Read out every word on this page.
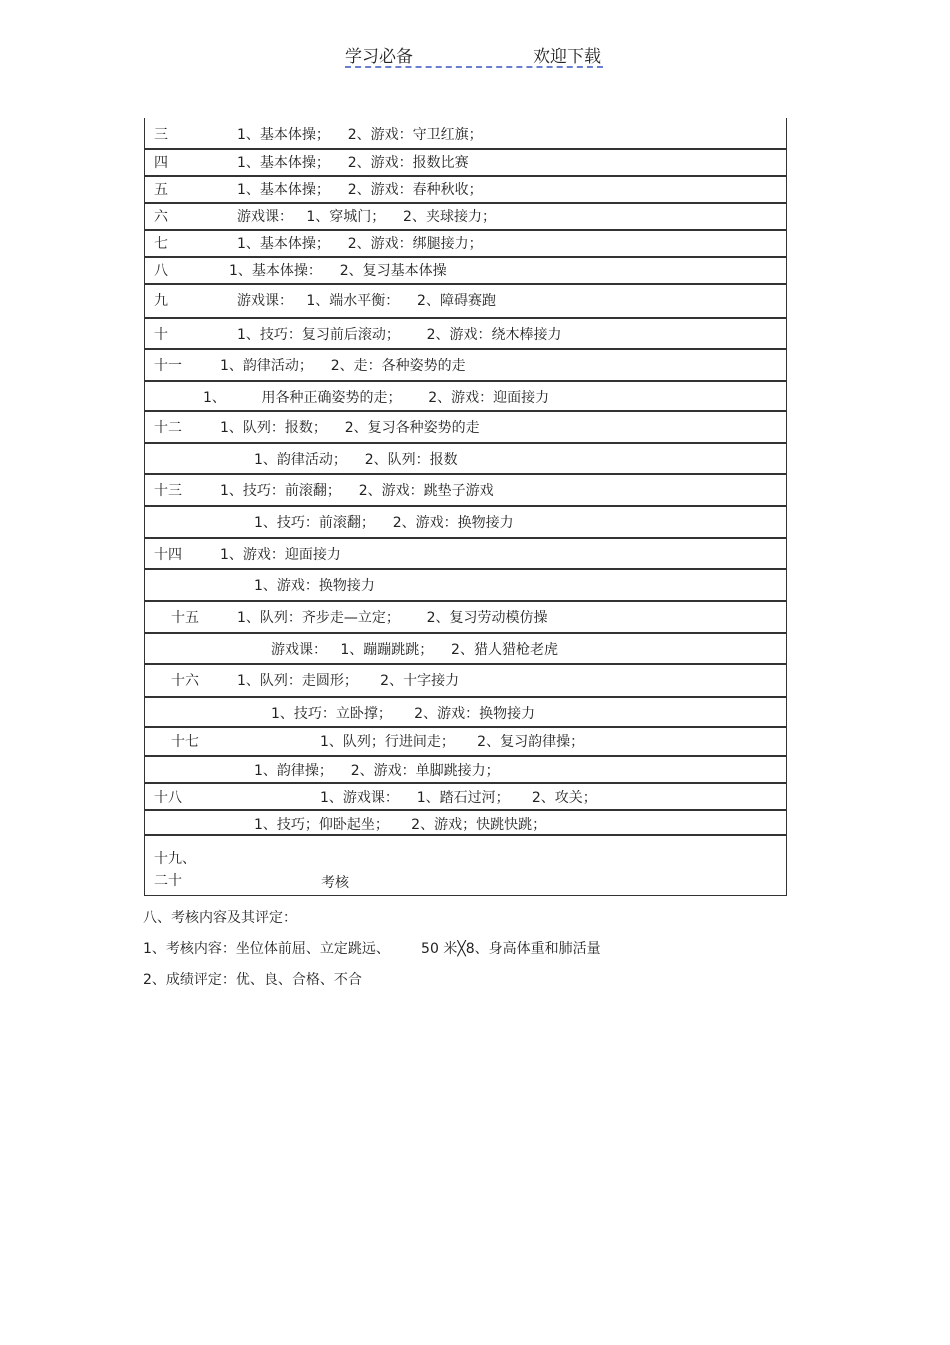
学习必备	欢迎下载
三	1、基本体操；    2、游戏：守卫红旗；
四	1、基本体操；    2、游戏：报数比赛
五	1、基本体操；    2、游戏：春种秋收；
六	游戏课：   1、穿城门；    2、夹球接力；
七	1、基本体操；    2、游戏：绑腿接力；
八	1、基本体操：    2、复习基本体操
九	游戏课：   1、端水平衡：    2、障碍赛跑
十	1、技巧：复习前后滚动；      2、游戏：绕木棒接力
十一	1、韵律活动；    2、走：各种姿势的走
1、        用各种正确姿势的走；      2、游戏：迎面接力
十二	1、队列：报数；    2、复习各种姿势的走
1、韵律活动；    2、队列：报数
十三	1、技巧：前滚翻；    2、游戏：跳垫子游戏
1、技巧：前滚翻；    2、游戏：换物接力
十四	1、游戏：迎面接力
1、游戏：换物接力
十五	1、队列：齐步走—立定；      2、复习劳动模仿操
游戏课：   1、蹦蹦跳跳；    2、猎人猎枪老虎
十六	1、队列：走圆形；     2、十字接力
1、技巧：立卧撑；     2、游戏：换物接力
十七	1、队列；行进间走；     2、复习韵律操；
1、韵律操；    2、游戏：单脚跳接力；
十八	1、游戏课：    1、踏石过河；     2、攻关；
1、技巧；仰卧起坐；     2、游戏；快跳快跳；
十九、
二十	考核
八、考核内容及其评定：
1、考核内容：坐位体前屈、立定跳远、       50 米╳8、身高体重和肺活量
2、成绩评定：优、良、合格、不合
